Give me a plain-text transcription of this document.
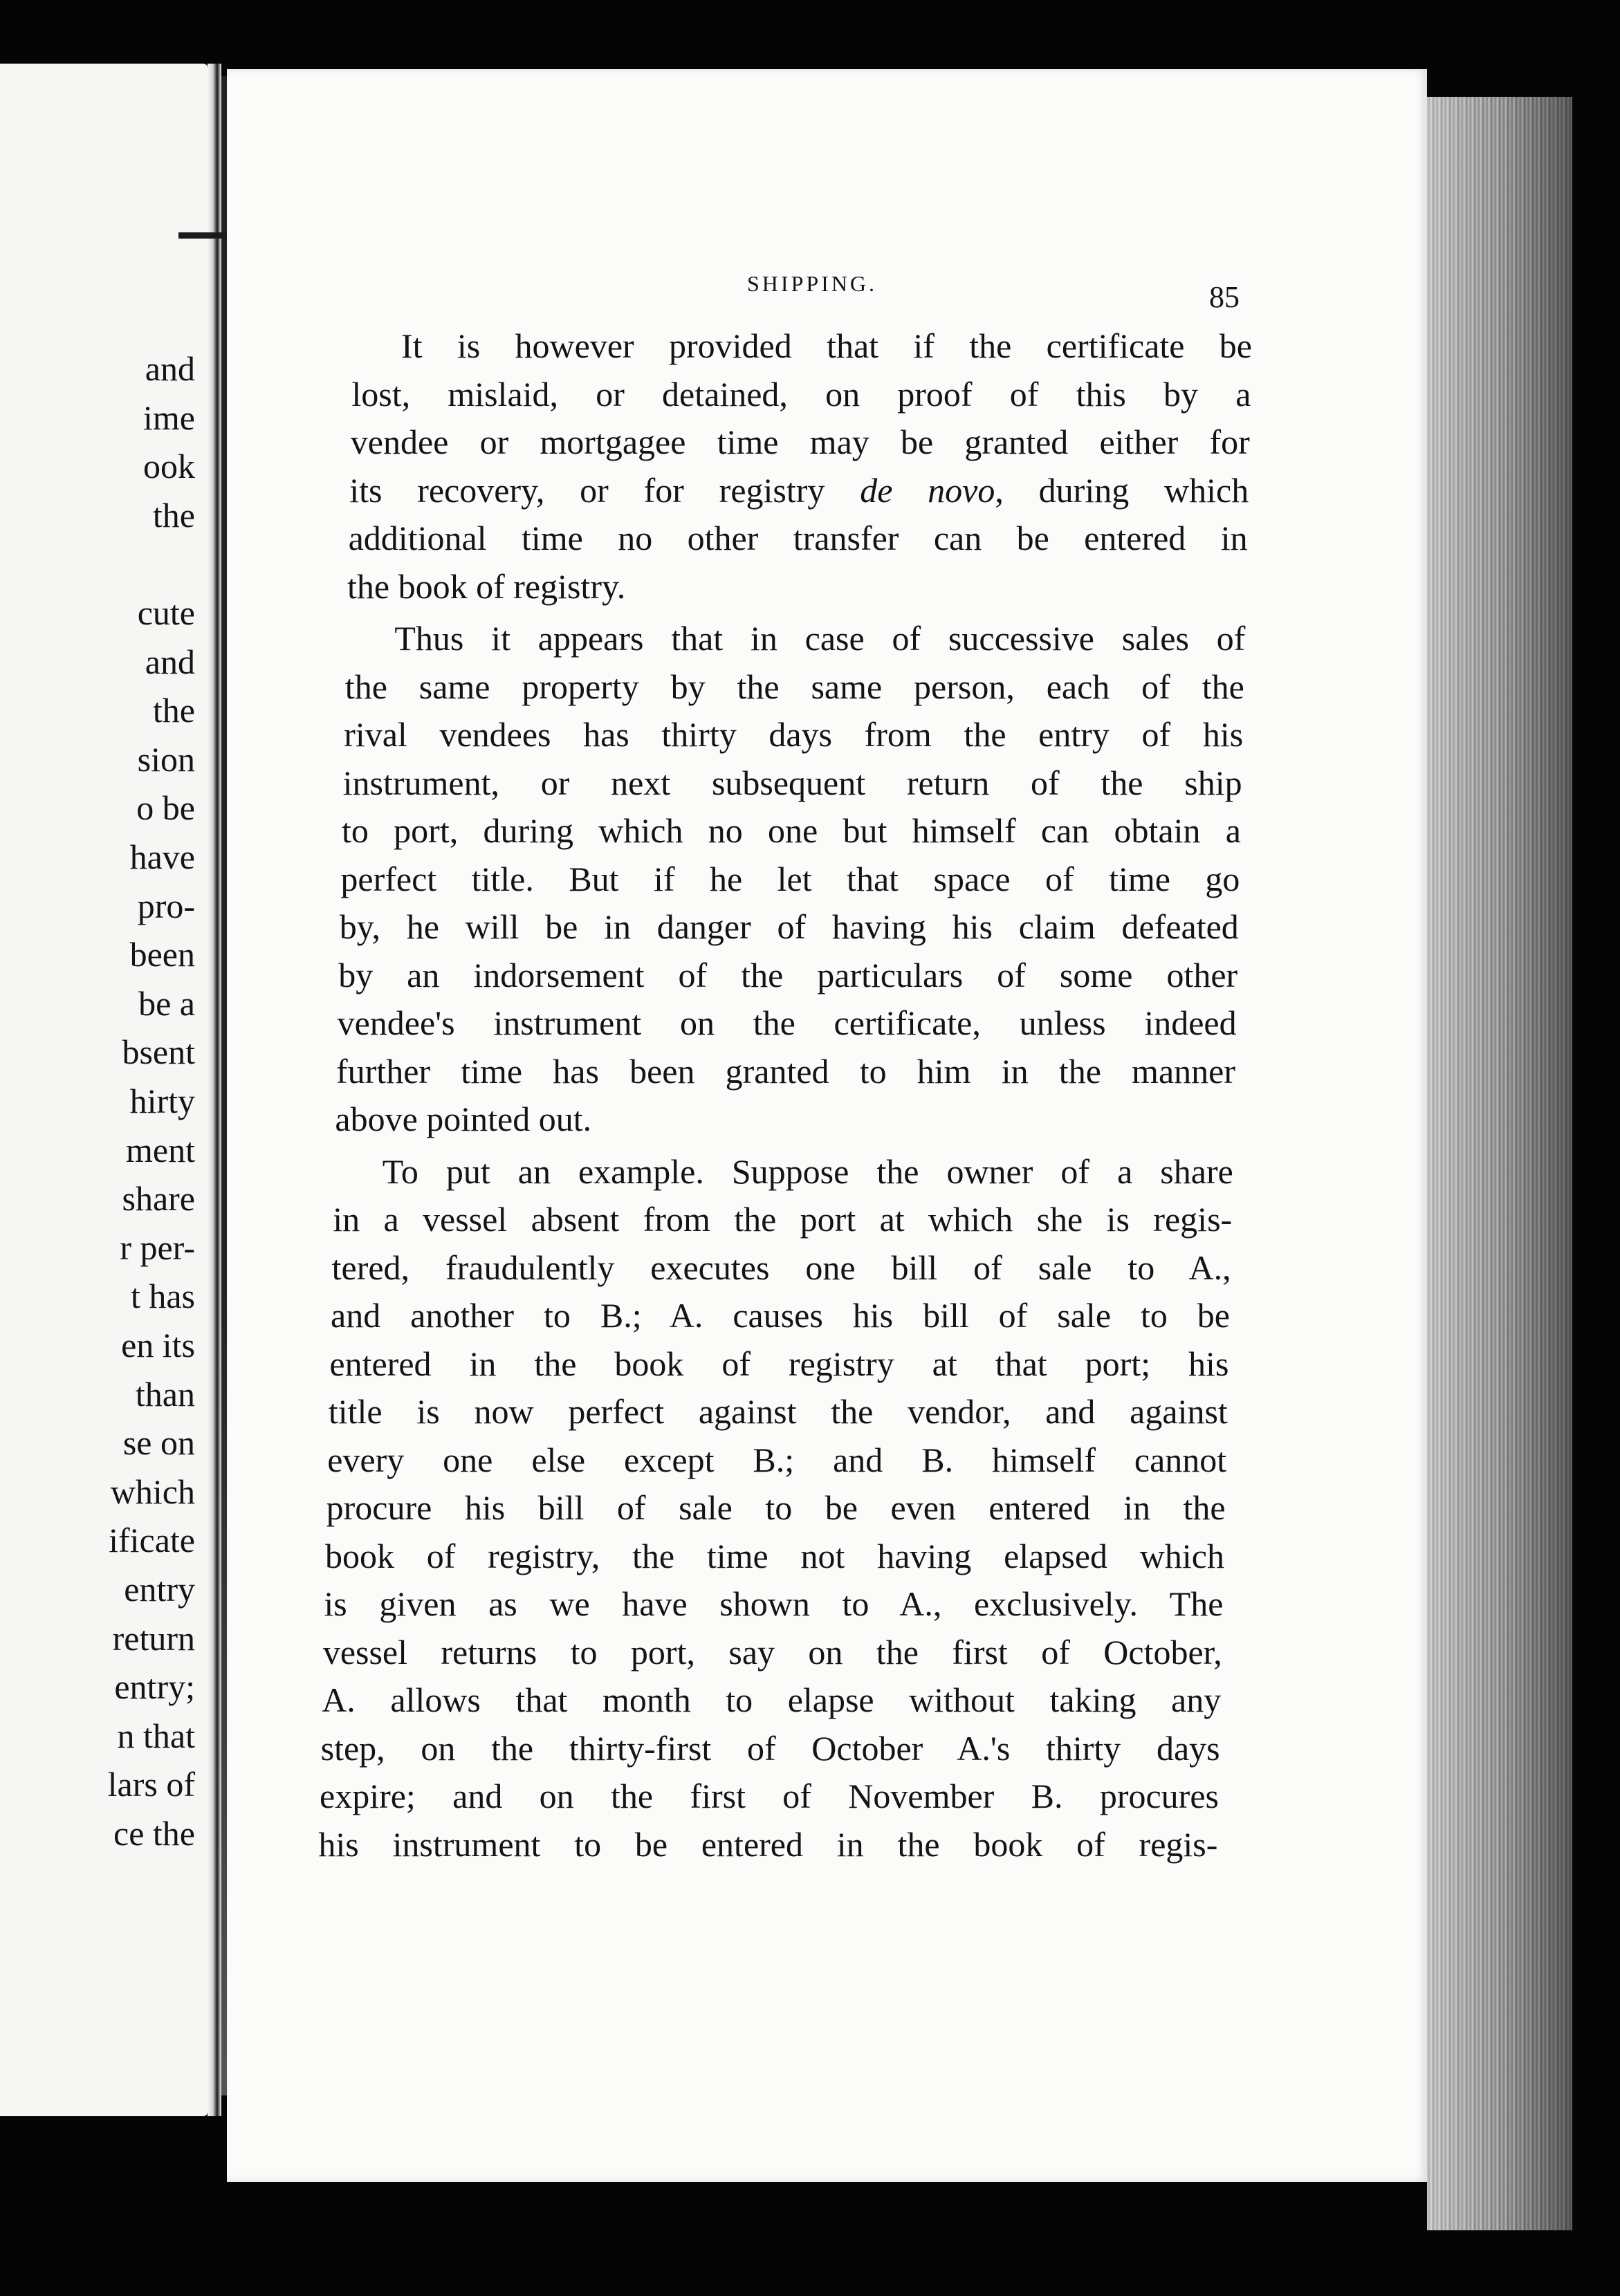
and
ime
ook
the
cute
and
the
sion
o be
have
pro-
been
be a
bsent
hirty
ment
share
r per-
t has
en its
than
se on
which
ificate
entry
return
entry;
n that
lars of
ce the
SHIPPING.	85
It is however provided that if the certificate be
lost, mislaid, or detained, on proof of this by a
vendee or mortgagee time may be granted either for
its recovery, or for registry de novo, during which
additional time no other transfer can be entered in
the book of registry.
Thus it appears that in case of successive sales of
the same property by the same person, each of the
rival vendees has thirty days from the entry of his
instrument, or next subsequent return of the ship
to port, during which no one but himself can obtain a
perfect title. But if he let that space of time go
by, he will be in danger of having his claim defeated
by an indorsement of the particulars of some other
vendee's instrument on the certificate, unless indeed
further time has been granted to him in the manner
above pointed out.
To put an example. Suppose the owner of a share
in a vessel absent from the port at which she is regis-
tered, fraudulently executes one bill of sale to A.,
and another to B.; A. causes his bill of sale to be
entered in the book of registry at that port; his
title is now perfect against the vendor, and against
every one else except B.; and B. himself cannot
procure his bill of sale to be even entered in the
book of registry, the time not having elapsed which
is given as we have shown to A., exclusively. The
vessel returns to port, say on the first of October,
A. allows that month to elapse without taking any
step, on the thirty-first of October A.'s thirty days
expire; and on the first of November B. procures
his instrument to be entered in the book of regis-
